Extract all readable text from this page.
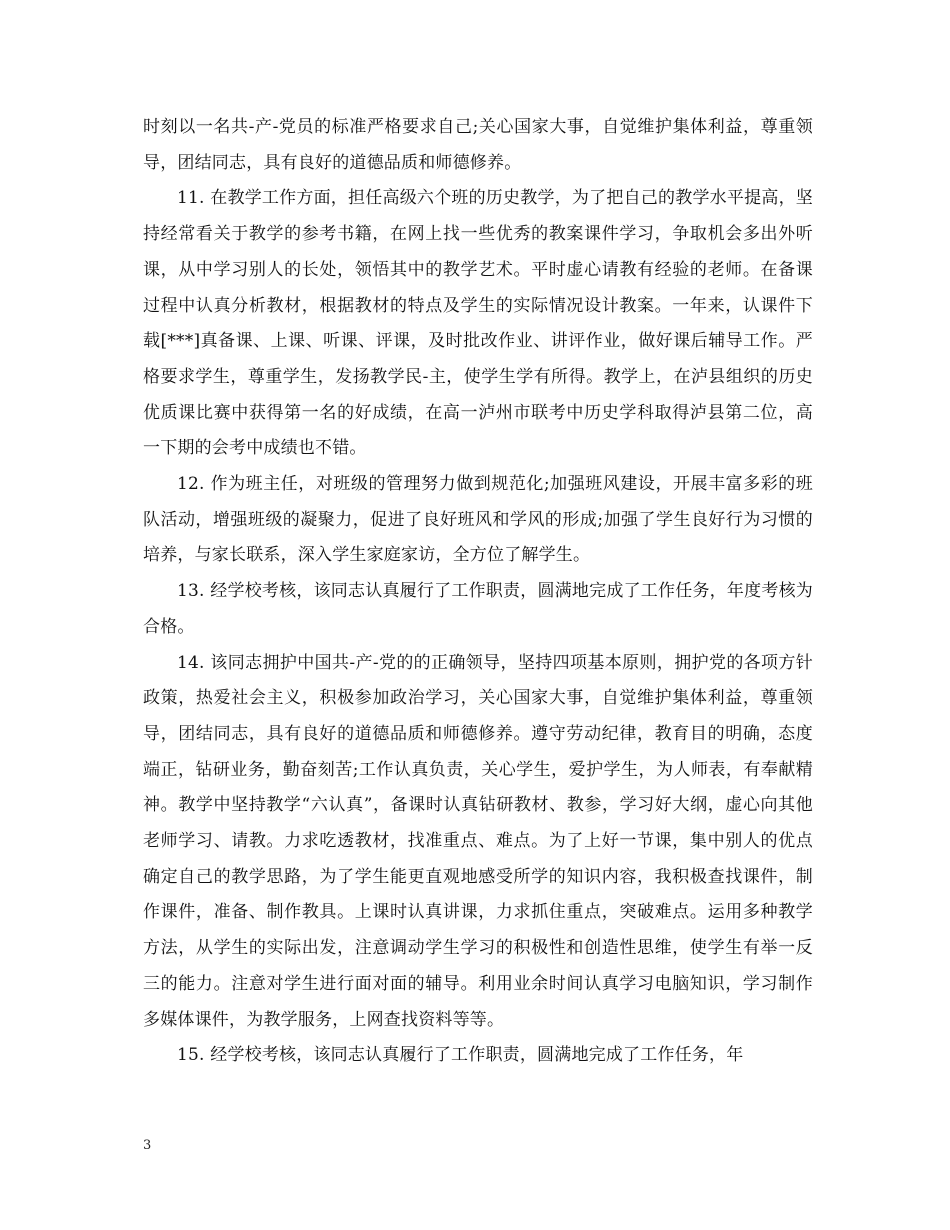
时刻以一名共-产-党员的标准严格要求自己;关心国家大事，自觉维护集体利益，尊重领导，团结同志，具有良好的道德品质和师德修养。

11. 在教学工作方面，担任高级六个班的历史教学，为了把自己的教学水平提高，坚持经常看关于教学的参考书籍，在网上找一些优秀的教案课件学习，争取机会多出外听课，从中学习别人的长处，领悟其中的教学艺术。平时虚心请教有经验的老师。在备课过程中认真分析教材，根据教材的特点及学生的实际情况设计教案。一年来，认课件下载[***]真备课、上课、听课、评课，及时批改作业、讲评作业，做好课后辅导工作。严格要求学生，尊重学生，发扬教学民-主，使学生学有所得。教学上，在泸县组织的历史优质课比赛中获得第一名的好成绩，在高一泸州市联考中历史学科取得泸县第二位，高一下期的会考中成绩也不错。

12. 作为班主任，对班级的管理努力做到规范化;加强班风建设，开展丰富多彩的班队活动，增强班级的凝聚力，促进了良好班风和学风的形成;加强了学生良好行为习惯的培养，与家长联系，深入学生家庭家访，全方位了解学生。

13. 经学校考核，该同志认真履行了工作职责，圆满地完成了工作任务，年度考核为合格。

14. 该同志拥护中国共-产-党的的正确领导，坚持四项基本原则，拥护党的各项方针政策，热爱社会主义，积极参加政治学习，关心国家大事，自觉维护集体利益，尊重领导，团结同志，具有良好的道德品质和师德修养。遵守劳动纪律，教育目的明确，态度端正，钻研业务，勤奋刻苦;工作认真负责，关心学生，爱护学生，为人师表，有奉献精神。教学中坚持教学“六认真”，备课时认真钻研教材、教参，学习好大纲，虚心向其他老师学习、请教。力求吃透教材，找准重点、难点。为了上好一节课，集中别人的优点确定自己的教学思路，为了学生能更直观地感受所学的知识内容，我积极查找课件，制作课件，准备、制作教具。上课时认真讲课，力求抓住重点，突破难点。运用多种教学方法，从学生的实际出发，注意调动学生学习的积极性和创造性思维，使学生有举一反三的能力。注意对学生进行面对面的辅导。利用业余时间认真学习电脑知识，学习制作多媒体课件，为教学服务，上网查找资料等等。

15. 经学校考核，该同志认真履行了工作职责，圆满地完成了工作任务，年

3
